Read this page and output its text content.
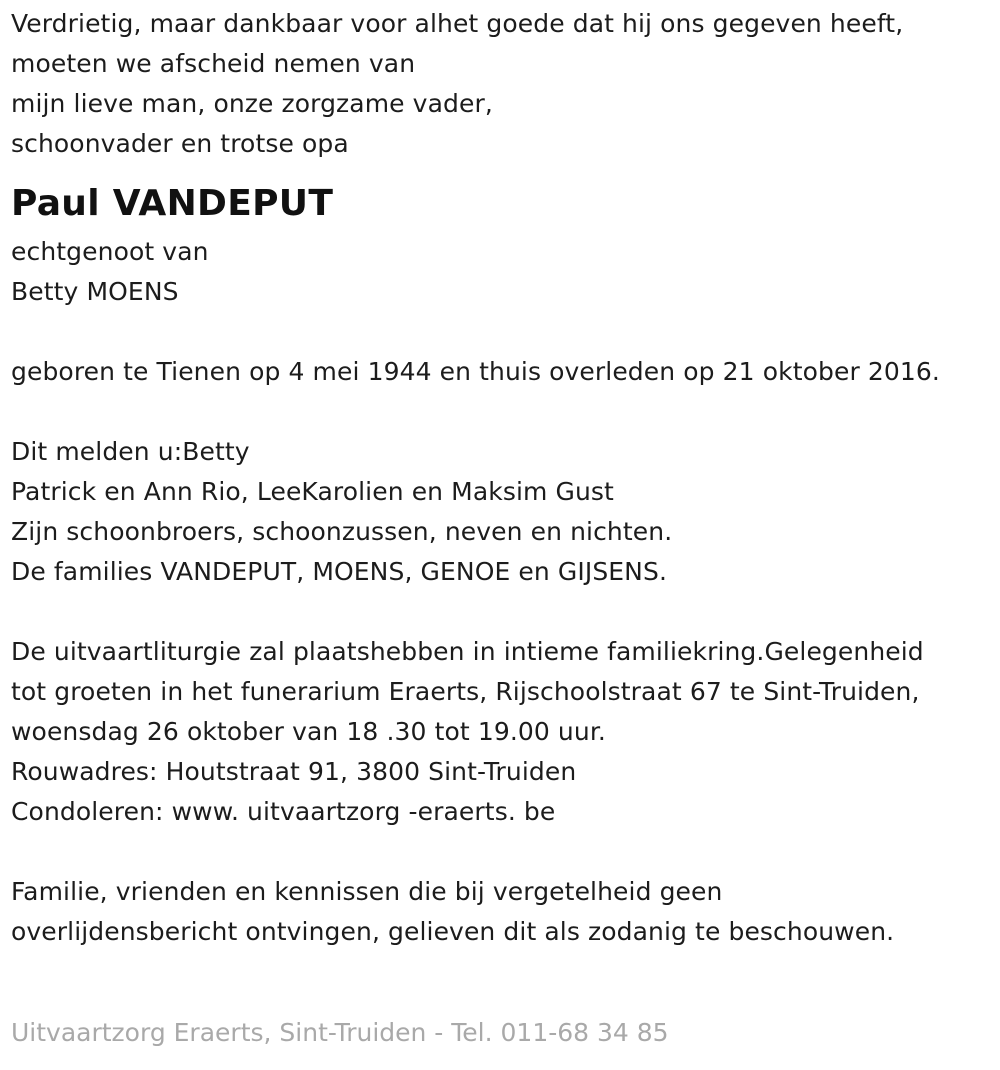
Verdrietig, maar dankbaar voor alhet goede dat hij ons gegeven heeft,
moeten we afscheid nemen van
mijn lieve man, onze zorgzame vader,
schoonvader en trotse opa
Paul VANDEPUT
echtgenoot van
Betty MOENS
geboren te Tienen op 4 mei 1944 en thuis overleden op 21 oktober 2016.
Dit melden u:Betty
Patrick en Ann Rio, LeeKarolien en Maksim Gust
Zijn schoonbroers, schoonzussen, neven en nichten.
De families VANDEPUT, MOENS, GENOE en GIJSENS.
De uitvaartliturgie zal plaatshebben in intieme familiekring.Gelegenheid
tot groeten in het funerarium Eraerts, Rijschoolstraat 67 te Sint-Truiden,
woensdag 26 oktober van 18 .30 tot 19.00 uur.
Rouwadres: Houtstraat 91, 3800 Sint-Truiden
Condoleren: www. uitvaartzorg -eraerts. be
Familie, vrienden en kennissen die bij vergetelheid geen
overlijdensbericht ontvingen, gelieven dit als zodanig te beschouwen.
Uitvaartzorg Eraerts, Sint-Truiden - Tel. 011-68 34 85
